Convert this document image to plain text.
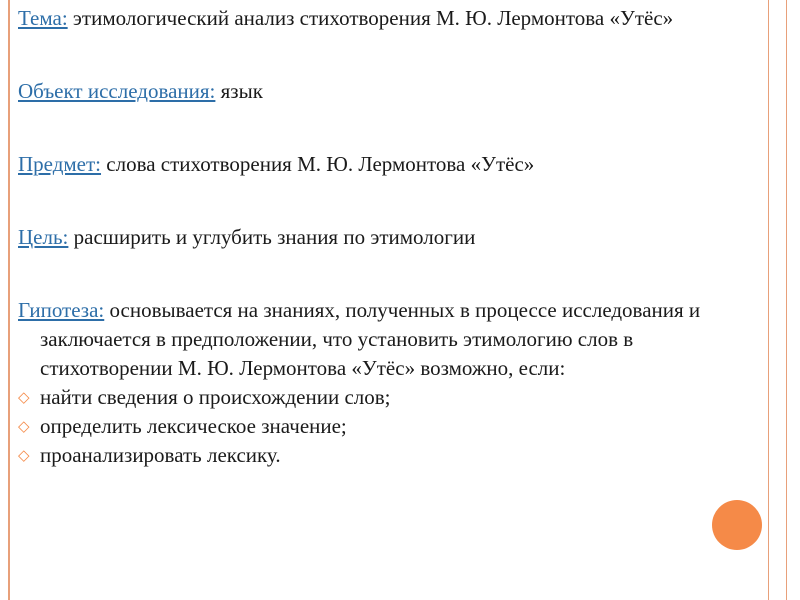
Тема: этимологический анализ стихотворения М. Ю. Лермонтова «Утёс»

Объект исследования: язык

Предмет: слова стихотворения М. Ю. Лермонтова «Утёс»

Цель: расширить и углубить знания по этимологии

Гипотеза: основывается на знаниях, полученных в процессе исследования и заключается в предположении, что установить этимологию слов в стихотворении М. Ю. Лермонтова «Утёс» возможно, если:

◇ найти сведения о происхождении слов;

◇ определить лексическое значение;

◇ проанализировать лексику.
